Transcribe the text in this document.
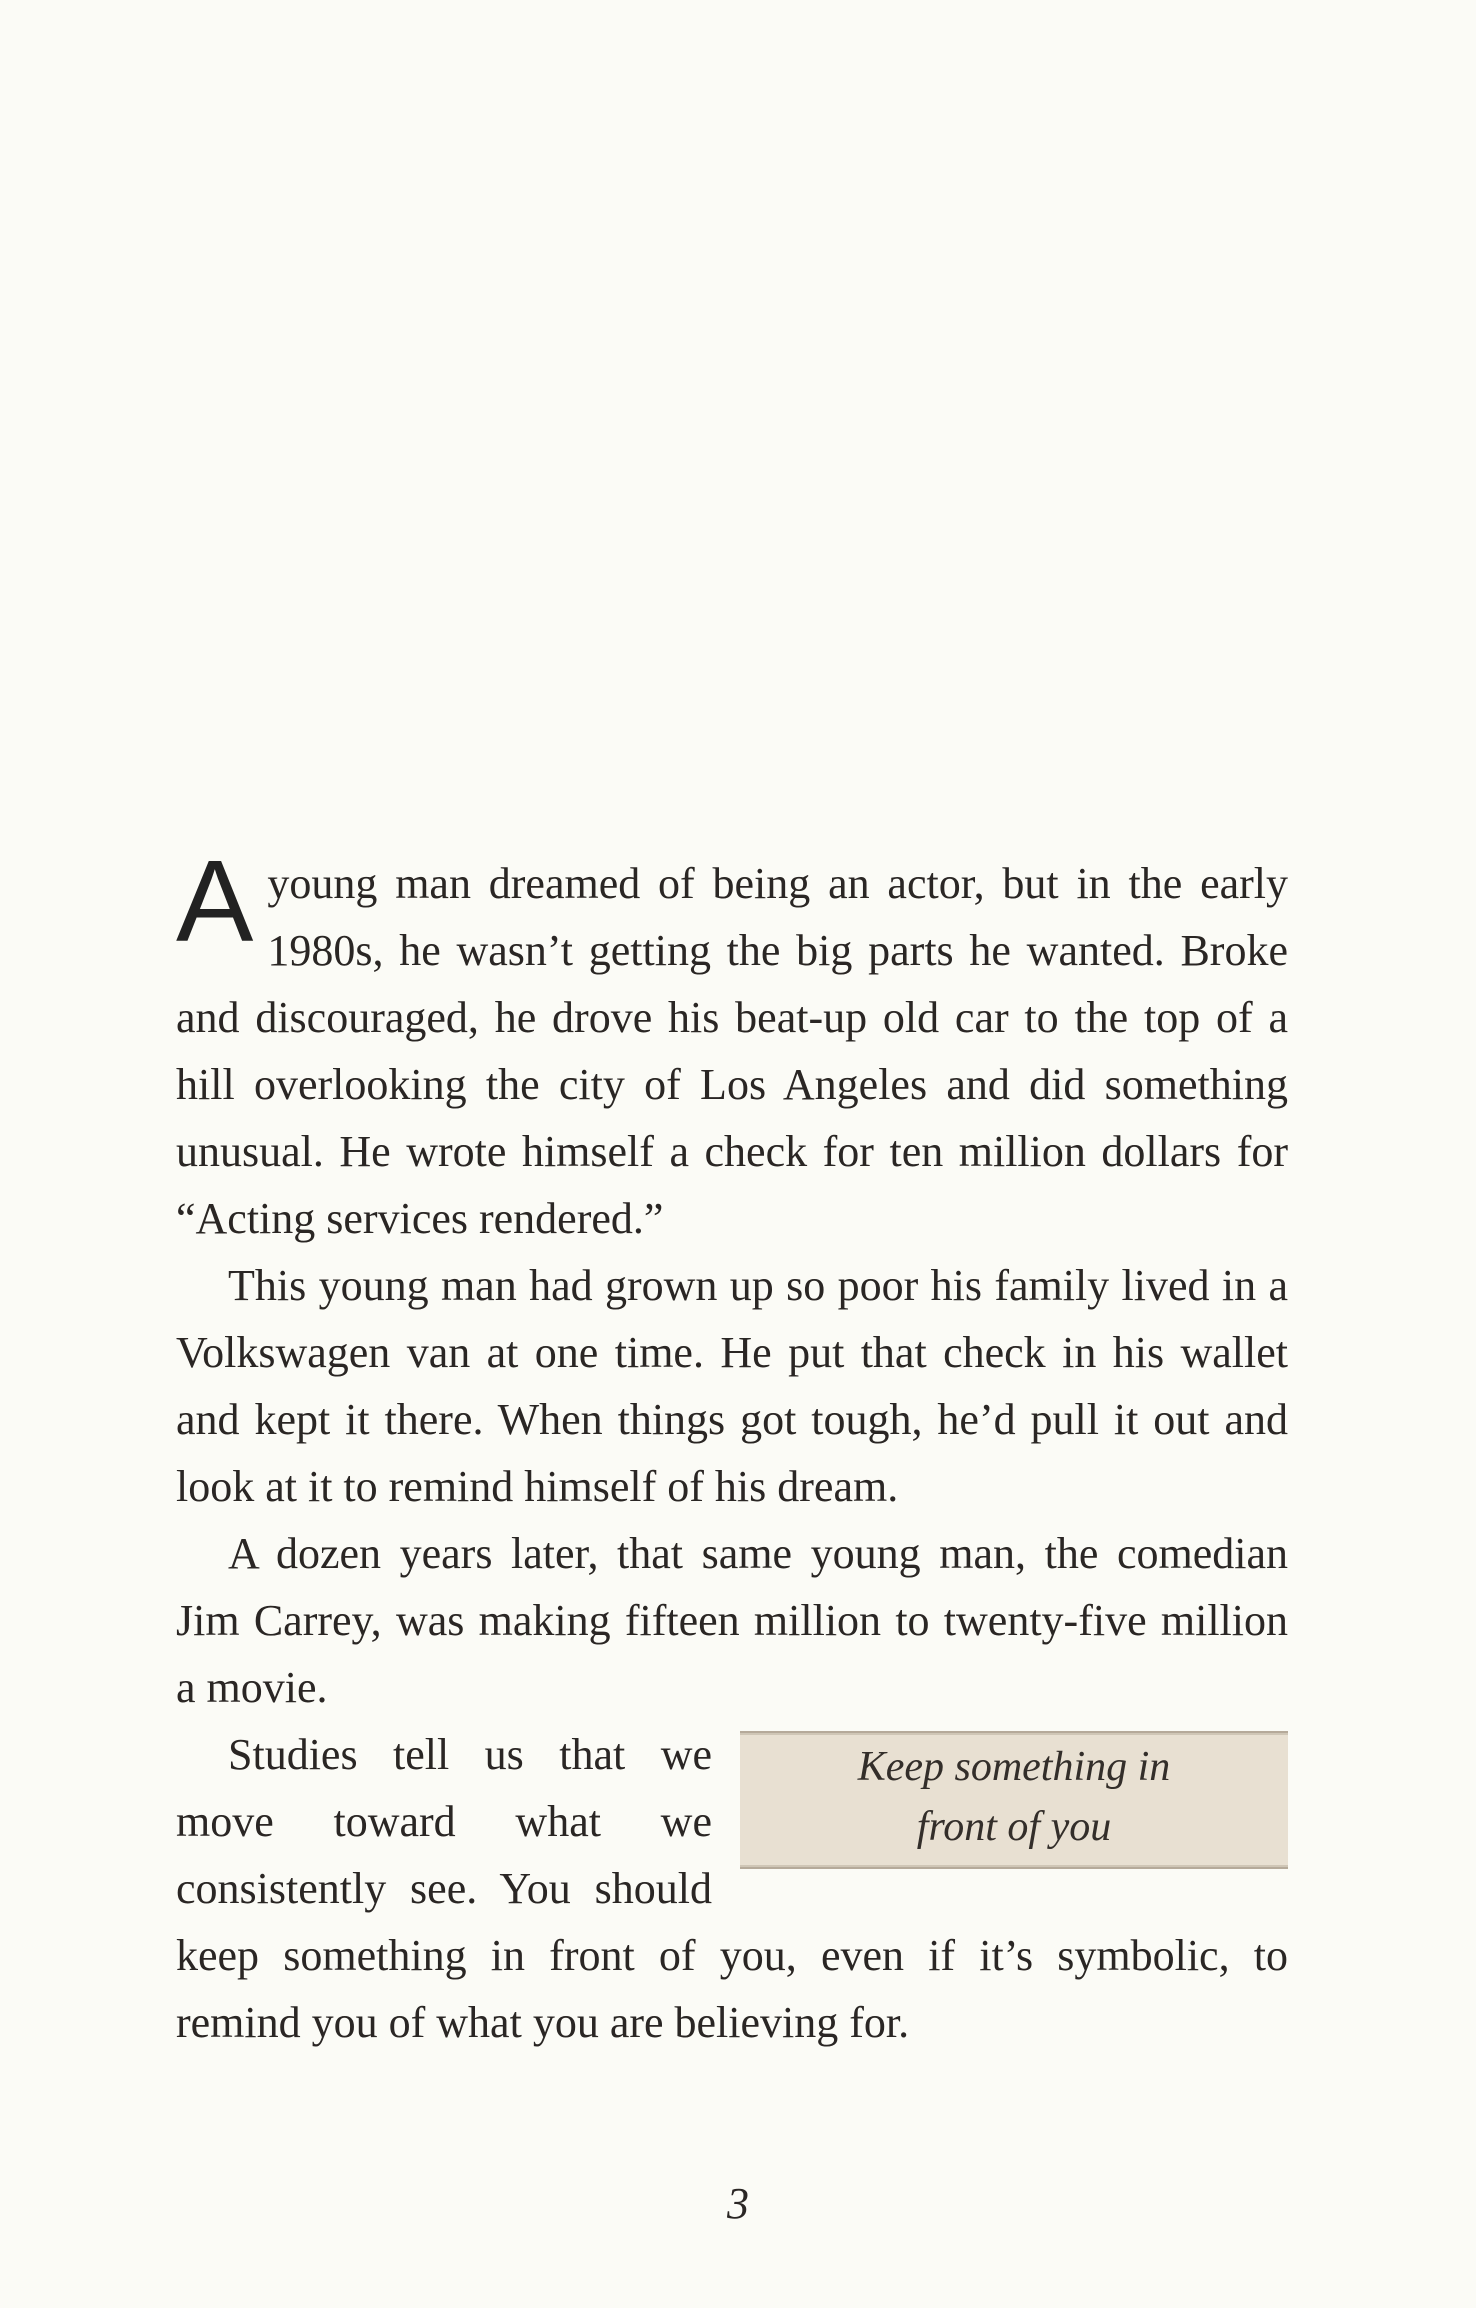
Ayoung man dreamed of being an actor, but in the early 1980s, he wasn’t getting the big parts he wanted. Broke and discouraged, he drove his beat-up old car to the top of a hill overlooking the city of Los Angeles and did something unusual. He wrote himself a check for ten million dollars for “Acting services rendered.”

This young man had grown up so poor his family lived in a Volkswagen van at one time. He put that check in his wallet and kept it there. When things got tough, he’d pull it out and look at it to remind himself of his dream.

A dozen years later, that same young man, the comedian Jim Carrey, was making fifteen million to twenty-five million a movie.

Keep something in
front of you

Studies tell us that we move toward what we consistently see. You should keep something in front of you, even if it’s symbolic, to remind you of what you are believing for.

3
